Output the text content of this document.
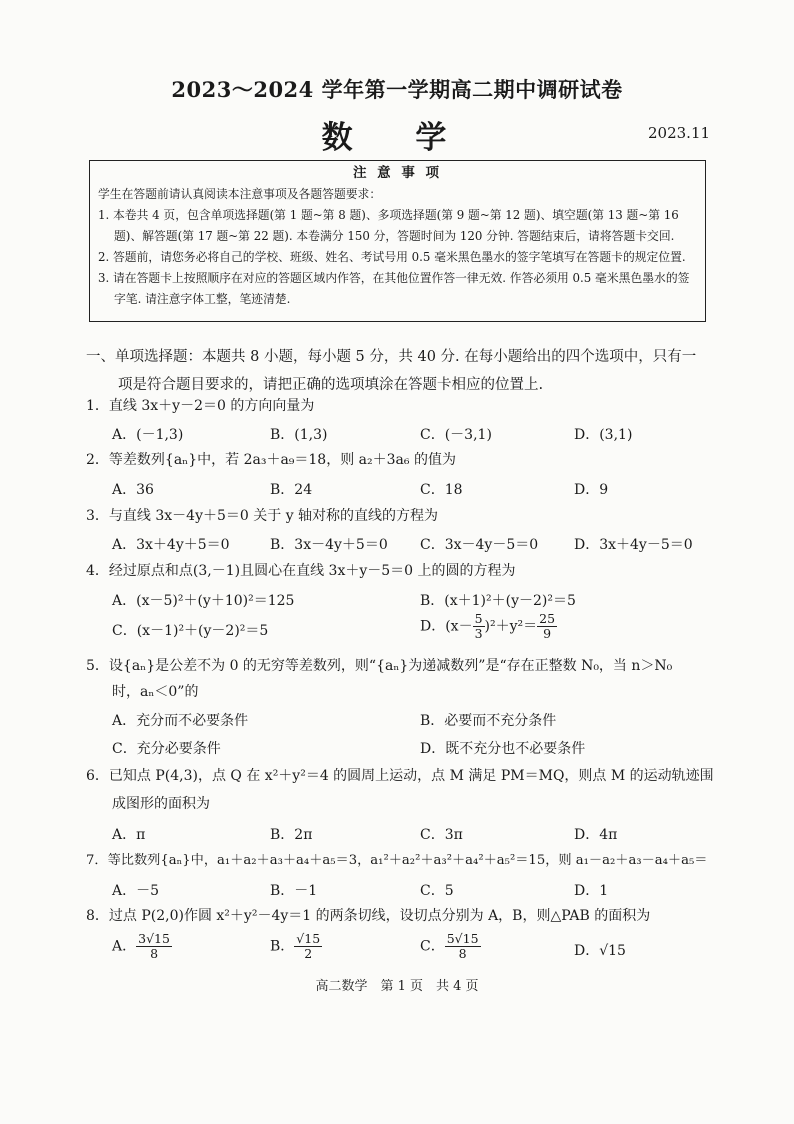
2023～2024 学年第一学期高二期中调研试卷
数 学	2023.11
注 意 事 项
学生在答题前请认真阅读本注意事项及各题答题要求：
1. 本卷共 4 页，包含单项选择题(第 1 题~第 8 题)、多项选择题(第 9 题~第 12 题)、填空题(第 13 题~第 16 题)、解答题(第 17 题~第 22 题). 本卷满分 150 分，答题时间为 120 分钟. 答题结束后，请将答题卡交回.
2. 答题前，请您务必将自己的学校、班级、姓名、考试号用 0.5 毫米黑色墨水的签字笔填写在答题卡的规定位置.
3. 请在答题卡上按照顺序在对应的答题区域内作答，在其他位置作答一律无效. 作答必须用 0.5 毫米黑色墨水的签字笔. 请注意字体工整，笔迹清楚.
一、单项选择题：本题共 8 小题，每小题 5 分，共 40 分. 在每小题给出的四个选项中，只有一
项是符合题目要求的，请把正确的选项填涂在答题卡相应的位置上.
1．直线 3x＋y－2＝0 的方向向量为
A．(－1,3)	B．(1,3)	C．(－3,1)	D．(3,1)
2．等差数列{aₙ}中，若 2a₃＋a₉＝18，则 a₂＋3a₆ 的值为
A．36	B．24	C．18	D．9
3．与直线 3x－4y＋5＝0 关于 y 轴对称的直线的方程为
A．3x＋4y＋5＝0	B．3x－4y＋5＝0 C．3x－4y－5＝0	D．3x＋4y－5＝0
4．经过原点和点(3,－1)且圆心在直线 3x＋y－5＝0 上的圆的方程为
A．(x－5)²＋(y＋10)²＝125	B．(x＋1)²＋(y－2)²＝5
C．(x－1)²＋(y－2)²＝5	D．$(x- \frac{5}{3} )^2+y^2= \frac{25}{9}$
5．设{aₙ}是公差不为 0 的无穷等差数列，则“{aₙ}为递减数列”是“存在正整数 N₀，当 n＞N₀
时，aₙ＜0”的
A．充分而不必要条件	B．必要而不充分条件
C．充分必要条件	D．既不充分也不必要条件
6．已知点 P(4,3)，点 Q 在 x²＋y²＝4 的圆周上运动，点 M 满足 PM＝MQ，则点 M 的运动轨迹围
成图形的面积为
A．π	B．2π	C．3π	D．4π
7．等比数列{aₙ}中，a₁＋a₂＋a₃＋a₄＋a₅＝3，a₁²＋a₂²＋a₃²＋a₄²＋a₅²＝15，则 a₁－a₂＋a₃－a₄＋a₅＝
A．－5	B．－1	C．5	D．1
8．过点 P(2,0)作圆 x²＋y²－4y＝1 的两条切线，设切点分别为 A，B，则△PAB 的面积为
A． $\frac{3√15}{8}$	B． $\frac{√15}{2}$	C． $\frac{5√15}{8}$	D．√15
高二数学　第 1 页　共 4 页
